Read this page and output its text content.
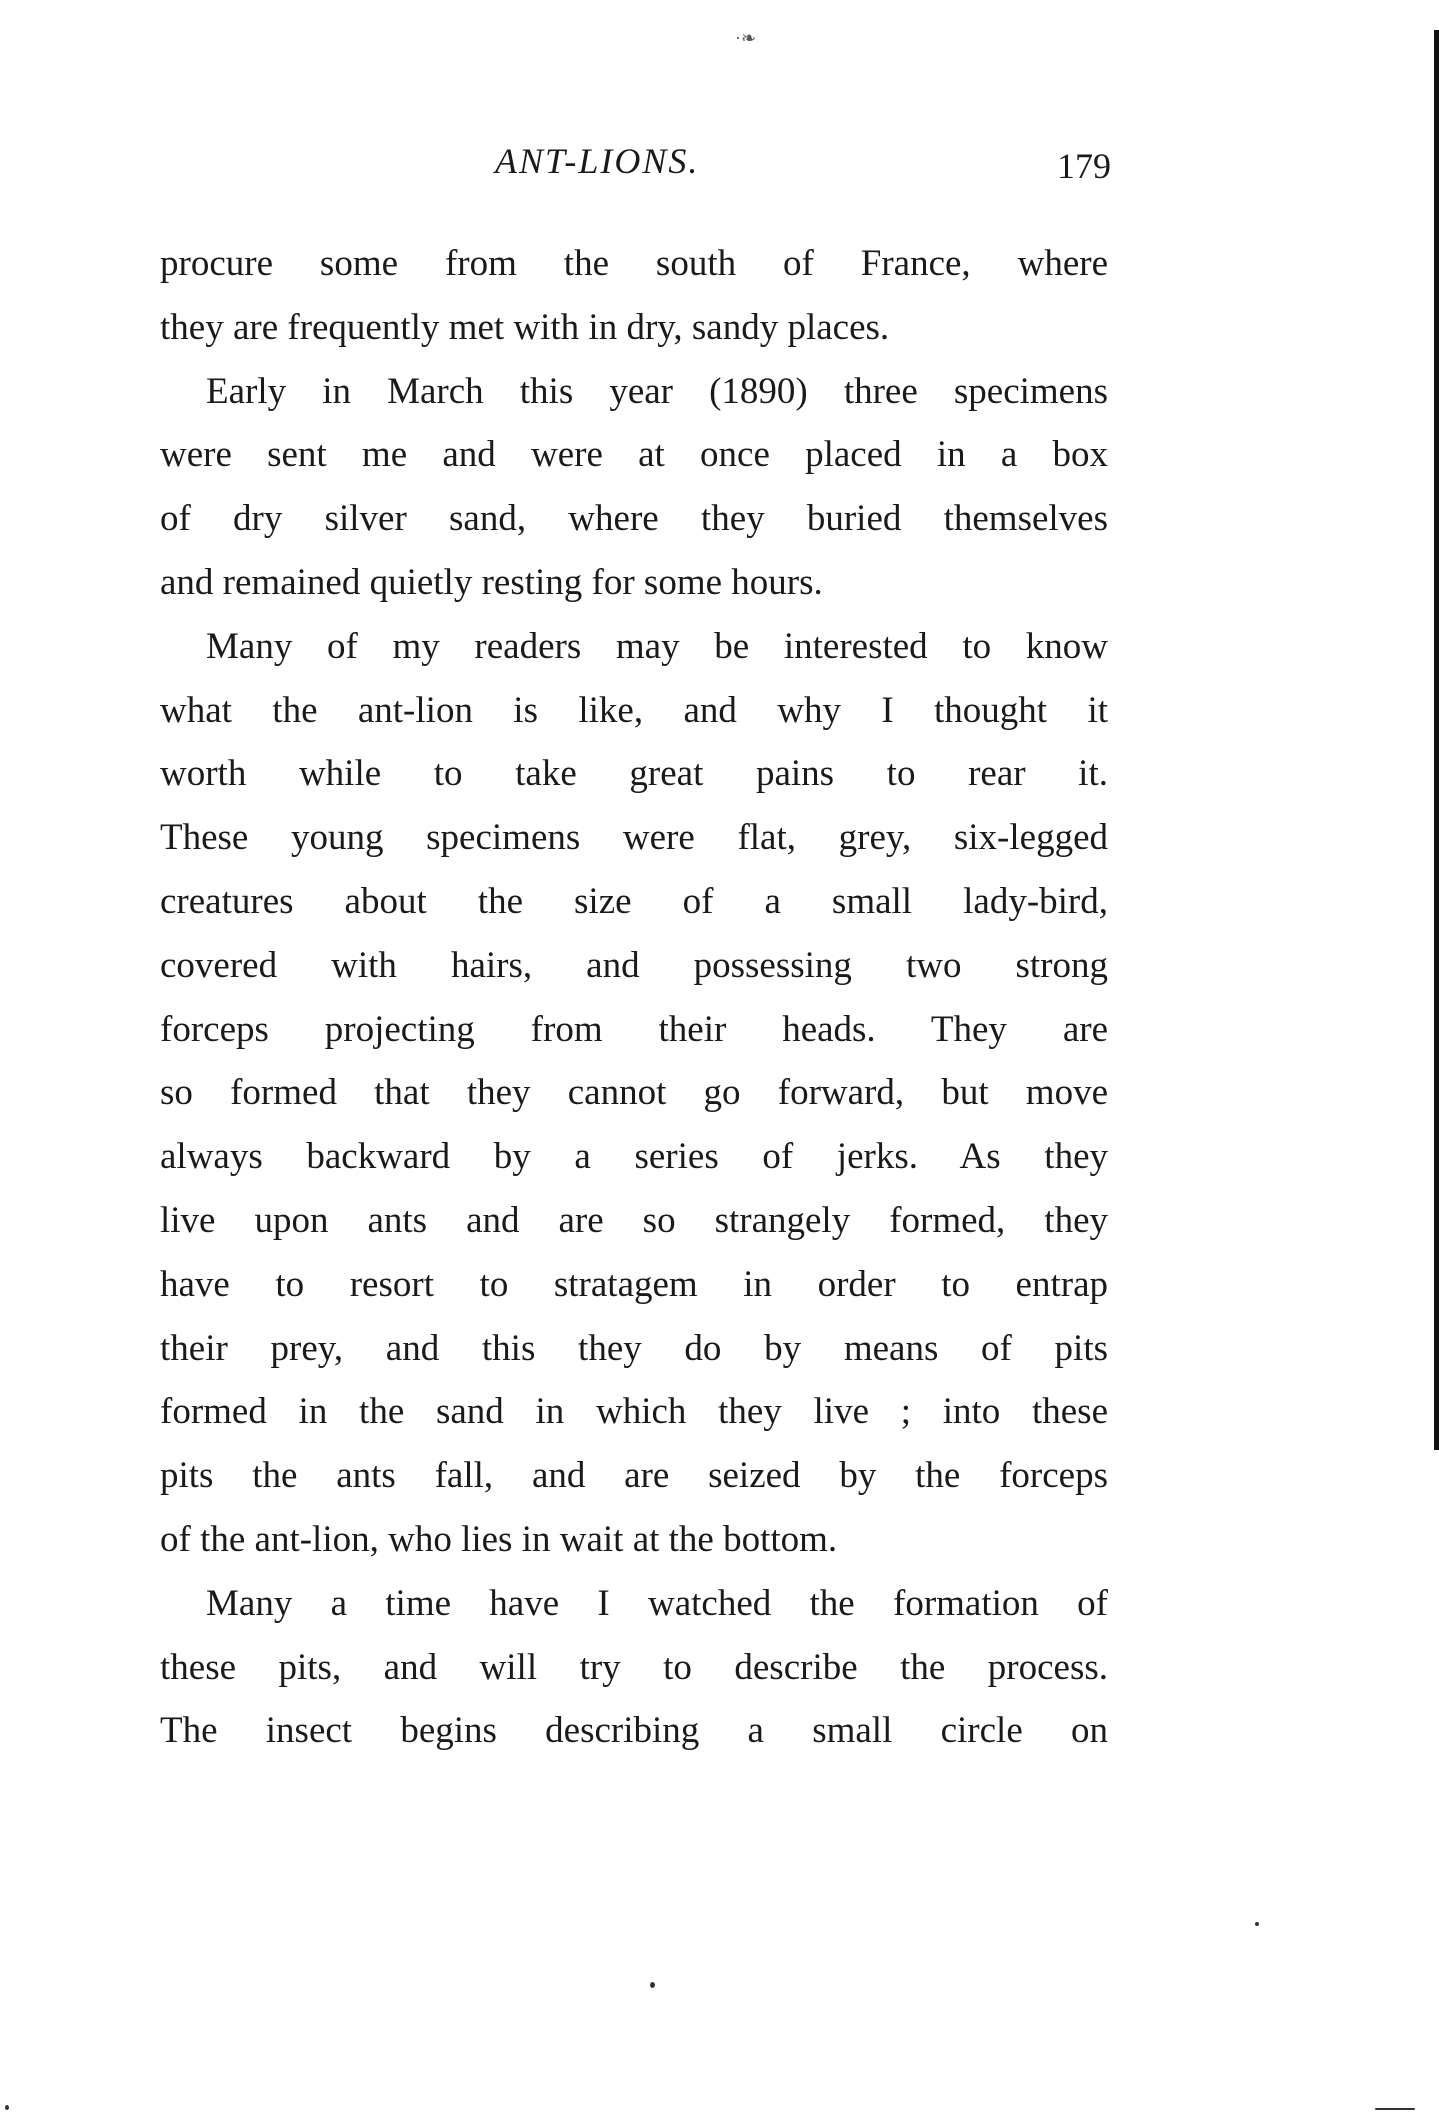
·❧
ANT-LIONS.	179
procure some from the south of France, where
they are frequently met with in dry, sandy places.
Early in March this year (1890) three specimens
were sent me and were at once placed in a box
of dry silver sand, where they buried themselves
and remained quietly resting for some hours.
Many of my readers may be interested to know
what the ant-lion is like, and why I thought it
worth while to take great pains to rear it.
These young specimens were flat, grey, six-legged
creatures about the size of a small lady-bird,
covered with hairs, and possessing two strong
forceps projecting from their heads. They are
so formed that they cannot go forward, but move
always backward by a series of jerks. As they
live upon ants and are so strangely formed, they
have to resort to stratagem in order to entrap
their prey, and this they do by means of pits
formed in the sand in which they live ; into these
pits the ants fall, and are seized by the forceps
of the ant-lion, who lies in wait at the bottom.
Many a time have I watched the formation of
these pits, and will try to describe the process.
The insect begins describing a small circle on
